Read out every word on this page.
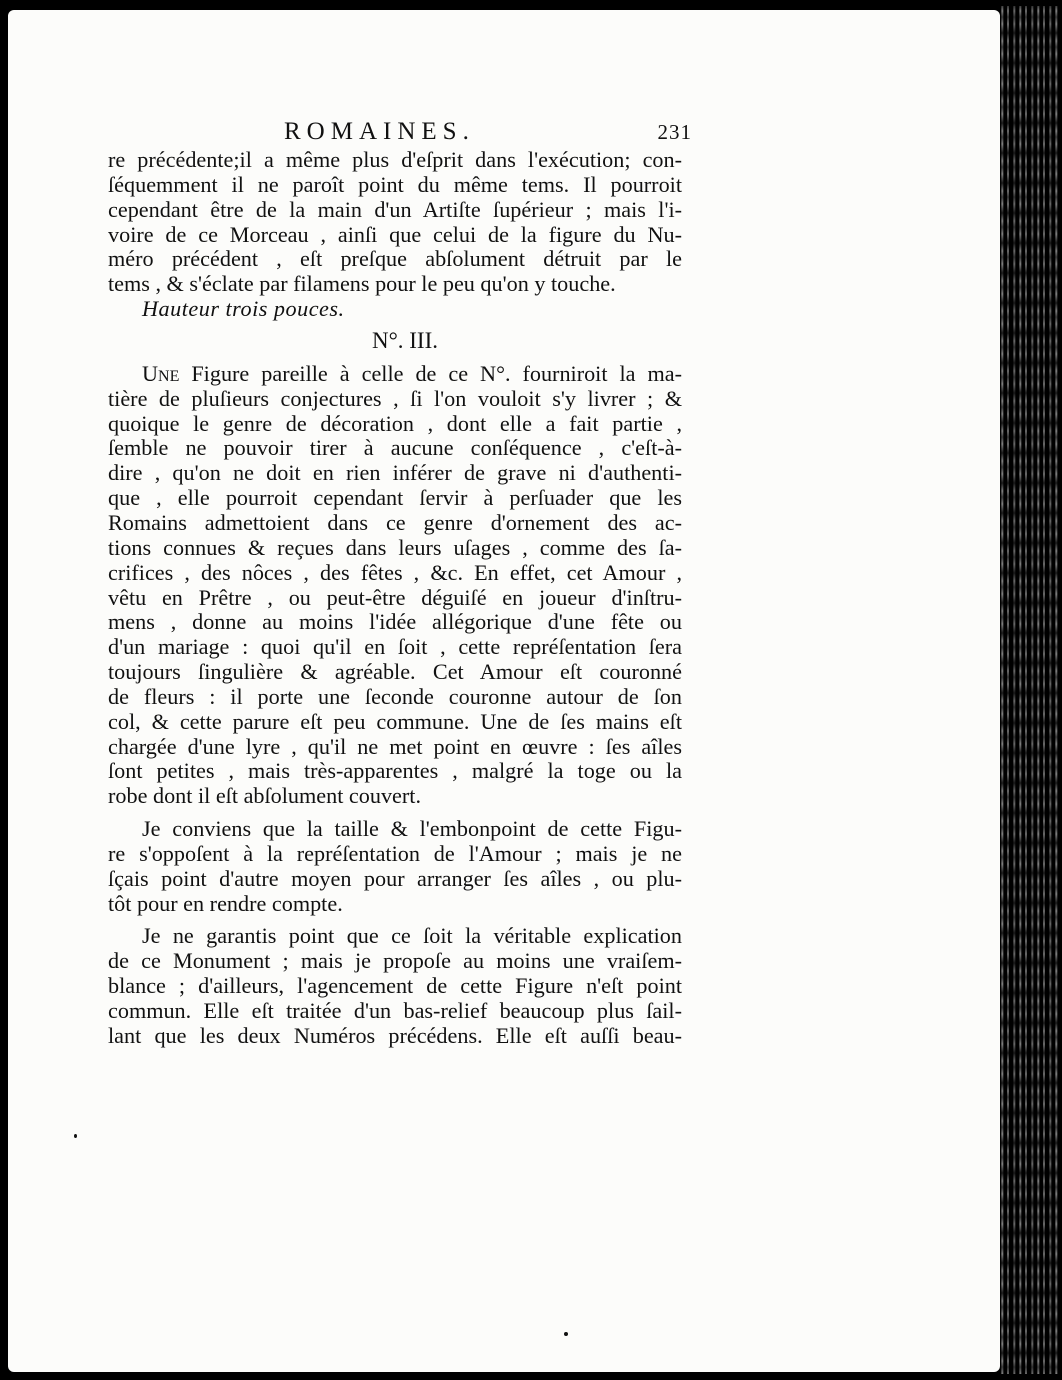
ROMAINES.	231
re précédente;il a même plus d'eſprit dans l'exécution; con-
ſéquemment il ne paroît point du même tems. Il pourroit
cependant être de la main d'un Artiſte ſupérieur ; mais l'i-
voire de ce Morceau , ainſi que celui de la figure du Nu-
méro précédent , eſt preſque abſolument détruit par le
tems , & s'éclate par filamens pour le peu qu'on y touche.
Hauteur trois pouces.
N°. III.
Une Figure pareille à celle de ce N°. fourniroit la ma-
tière de pluſieurs conjectures , ſi l'on vouloit s'y livrer ; &
quoique le genre de décoration , dont elle a fait partie ,
ſemble ne pouvoir tirer à aucune conſéquence , c'eſt-à-
dire , qu'on ne doit en rien inférer de grave ni d'authenti-
que , elle pourroit cependant ſervir à perſuader que les
Romains admettoient dans ce genre d'ornement des ac-
tions connues & reçues dans leurs uſages , comme des ſa-
crifices , des nôces , des fêtes , &c. En effet, cet Amour ,
vêtu en Prêtre , ou peut-être déguiſé en joueur d'inſtru-
mens , donne au moins l'idée allégorique d'une fête ou
d'un mariage : quoi qu'il en ſoit , cette repréſentation ſera
toujours ſingulière & agréable. Cet Amour eſt couronné
de fleurs : il porte une ſeconde couronne autour de ſon
col, & cette parure eſt peu commune. Une de ſes mains eſt
chargée d'une lyre , qu'il ne met point en œuvre : ſes aîles
ſont petites , mais très-apparentes , malgré la toge ou la
robe dont il eſt abſolument couvert.
Je conviens que la taille & l'embonpoint de cette Figu-
re s'oppoſent à la repréſentation de l'Amour ; mais je ne
ſçais point d'autre moyen pour arranger ſes aîles , ou plu-
tôt pour en rendre compte.
Je ne garantis point que ce ſoit la véritable explication
de ce Monument ; mais je propoſe au moins une vraiſem-
blance ; d'ailleurs, l'agencement de cette Figure n'eſt point
commun. Elle eſt traitée d'un bas-relief beaucoup plus ſail-
lant que les deux Numéros précédens. Elle eſt auſſi beau-
